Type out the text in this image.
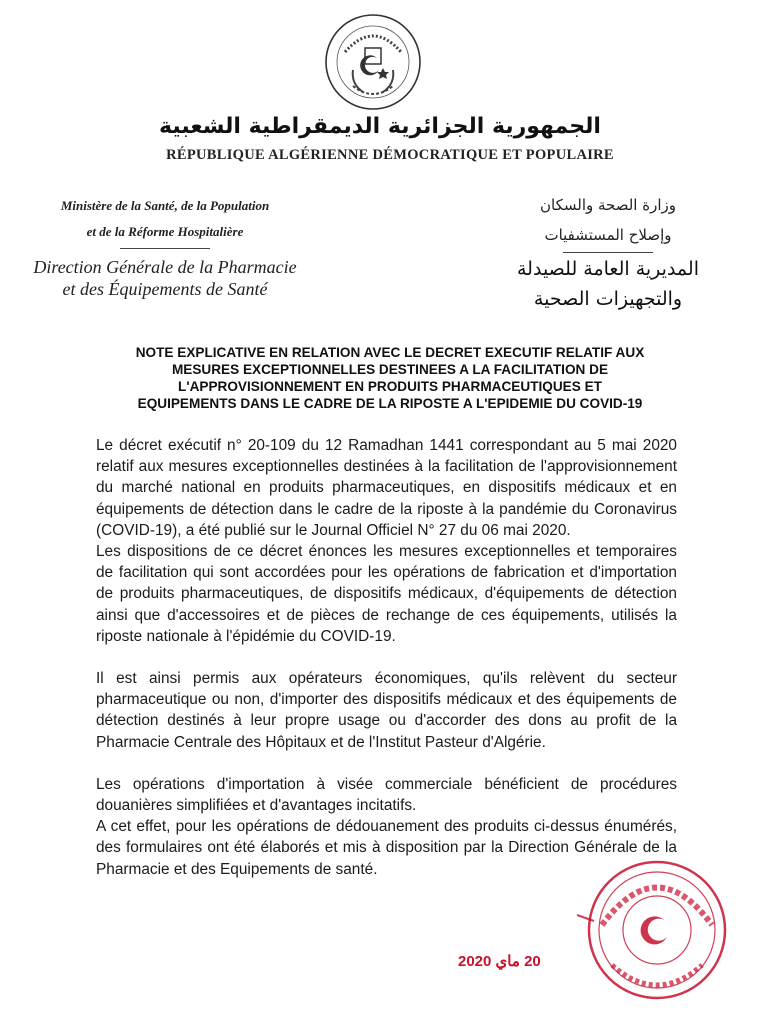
الجمهورية الجزائرية الديمقراطية الشعبية
RÉPUBLIQUE ALGÉRIENNE DÉMOCRATIQUE ET POPULAIRE
Ministère de la Santé, de la Population
et de la Réforme Hospitalière
Direction Générale de la Pharmacie
et des Équipements de Santé
وزارة الصحة والسكان
وإصلاح المستشفيات
المديرية العامة للصيدلة
والتجهيزات الصحية
NOTE EXPLICATIVE EN RELATION AVEC LE DECRET EXECUTIF RELATIF AUX
MESURES EXCEPTIONNELLES DESTINEES A LA FACILITATION DE
L'APPROVISIONNEMENT EN PRODUITS PHARMACEUTIQUES ET
EQUIPEMENTS DANS LE CADRE DE LA RIPOSTE A L'EPIDEMIE DU COVID-19

Le décret exécutif n° 20-109 du 12 Ramadhan 1441 correspondant au 5 mai 2020 relatif aux mesures exceptionnelles destinées à la facilitation de l'approvisionnement du marché national en produits pharmaceutiques, en dispositifs médicaux et en équipements de détection dans le cadre de la riposte à la pandémie du Coronavirus (COVID-19), a été publié sur le Journal Officiel N° 27 du 06 mai 2020.

Les dispositions de ce décret énonces les mesures exceptionnelles et temporaires de facilitation qui sont accordées pour les opérations de fabrication et d'importation de produits pharmaceutiques, de dispositifs médicaux, d'équipements de détection ainsi que d'accessoires et de pièces de rechange de ces équipements, utilisés la riposte nationale à l'épidémie du COVID-19.

Il est ainsi permis aux opérateurs économiques, qu'ils relèvent du secteur pharmaceutique ou non, d'importer des dispositifs médicaux et des équipements de détection destinés à leur propre usage ou d'accorder des dons au profit de la Pharmacie Centrale des Hôpitaux et de l'Institut Pasteur d'Algérie.

Les opérations d'importation à visée commerciale bénéficient de procédures douanières simplifiées et d'avantages incitatifs.

A cet effet, pour les opérations de dédouanement des produits ci-dessus énumérés, des formulaires ont été élaborés et mis à disposition par la Direction Générale de la Pharmacie et des Equipements de santé.

20 ماي 2020
